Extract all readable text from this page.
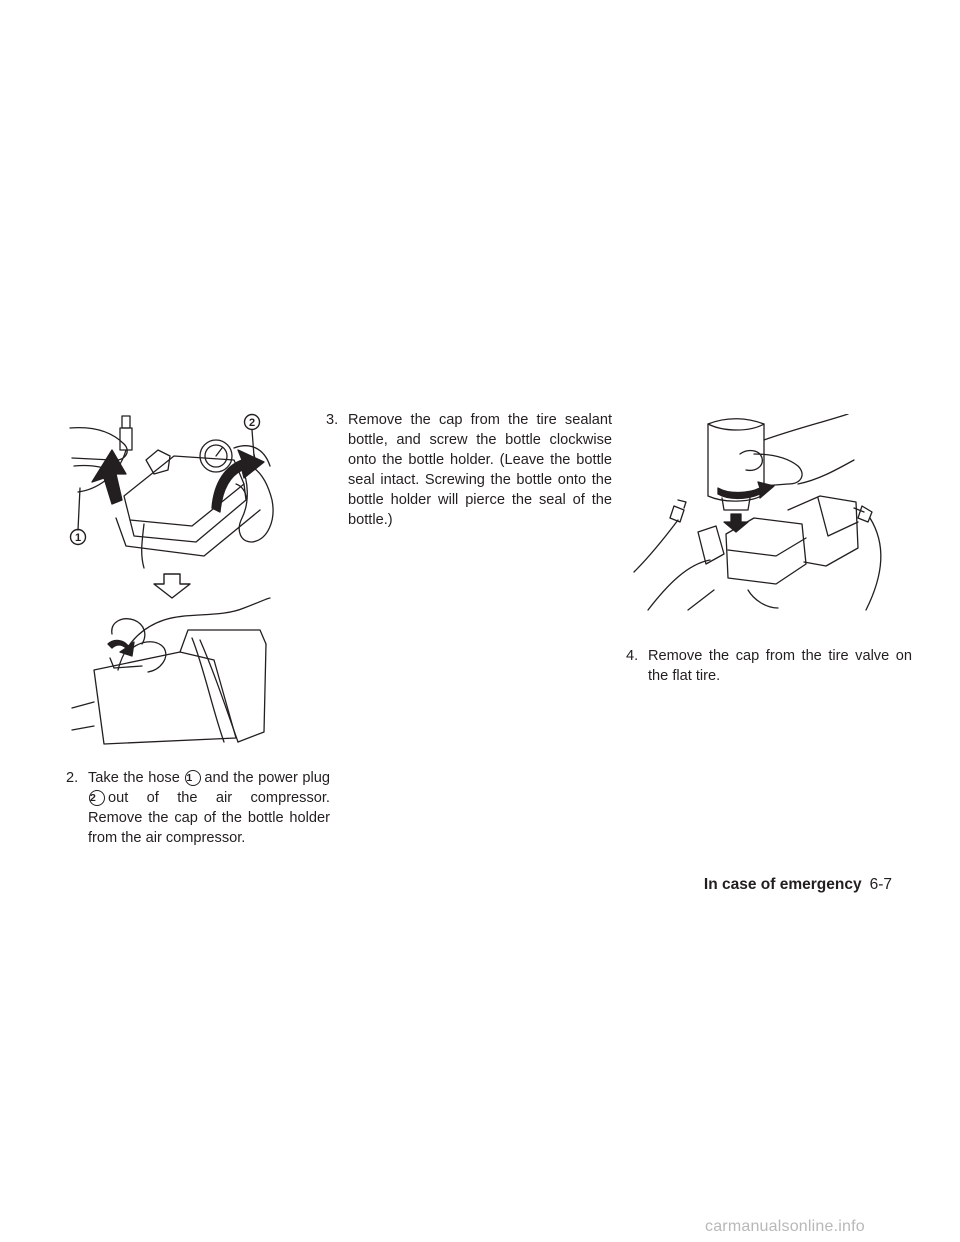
1
2

2. Take the hose 1 and the power plug 2 out of the air compressor. Remove the cap of the bottle holder from the air compressor.

3. Remove the cap from the tire sealant bottle, and screw the bottle clockwise onto the bottle holder. (Leave the bottle seal intact. Screwing the bottle onto the bottle holder will pierce the seal of the bottle.)

4. Remove the cap from the tire valve on the flat tire.

In case of emergency 6-7
carmanualsonline.info
